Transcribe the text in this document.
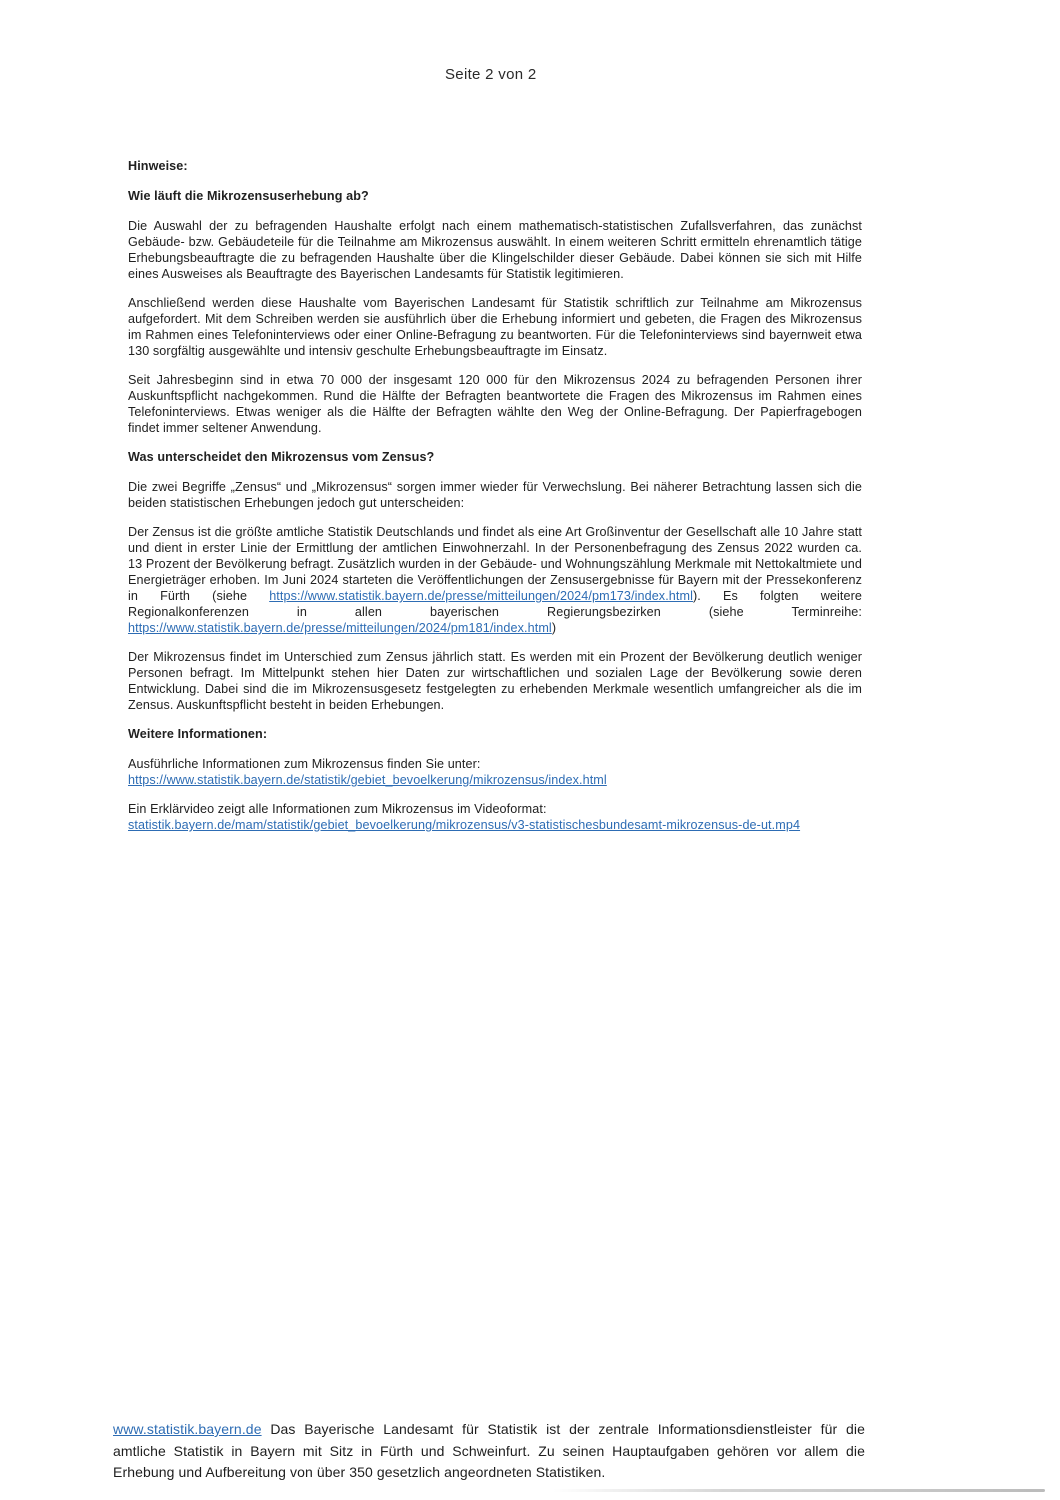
Seite 2 von 2
Hinweise:
Wie läuft die Mikrozensuserhebung ab?

Die Auswahl der zu befragenden Haushalte erfolgt nach einem mathematisch-statistischen Zufallsverfahren, das zunächst Gebäude- bzw. Gebäudeteile für die Teilnahme am Mikrozensus auswählt. In einem weiteren Schritt ermitteln ehrenamtlich tätige Erhebungsbeauftragte die zu befragenden Haushalte über die Klingelschilder dieser Gebäude. Dabei können sie sich mit Hilfe eines Ausweises als Beauftragte des Bayerischen Landesamts für Statistik legitimieren.

Anschließend werden diese Haushalte vom Bayerischen Landesamt für Statistik schriftlich zur Teilnahme am Mikrozensus aufgefordert. Mit dem Schreiben werden sie ausführlich über die Erhebung informiert und gebeten, die Fragen des Mikrozensus im Rahmen eines Telefoninterviews oder einer Online-Befragung zu beantworten. Für die Telefoninterviews sind bayernweit etwa 130 sorgfältig ausgewählte und intensiv geschulte Erhebungsbeauftragte im Einsatz.

Seit Jahresbeginn sind in etwa 70 000 der insgesamt 120 000 für den Mikrozensus 2024 zu befragenden Personen ihrer Auskunftspflicht nachgekommen. Rund die Hälfte der Befragten beantwortete die Fragen des Mikrozensus im Rahmen eines Telefoninterviews. Etwas weniger als die Hälfte der Befragten wählte den Weg der Online-Befragung. Der Papierfragebogen findet immer seltener Anwendung.

Was unterscheidet den Mikrozensus vom Zensus?

Die zwei Begriffe „Zensus“ und „Mikrozensus“ sorgen immer wieder für Verwechslung. Bei näherer Betrachtung lassen sich die beiden statistischen Erhebungen jedoch gut unterscheiden:

Der Zensus ist die größte amtliche Statistik Deutschlands und findet als eine Art Großinventur der Gesellschaft alle 10 Jahre statt und dient in erster Linie der Ermittlung der amtlichen Einwohnerzahl. In der Personenbefragung des Zensus 2022 wurden ca. 13 Prozent der Bevölkerung befragt. Zusätzlich wurden in der Gebäude- und Wohnungszählung Merkmale mit Nettokaltmiete und Energieträger erhoben. Im Juni 2024 starteten die Veröffentlichungen der Zensusergebnisse für Bayern mit der Pressekonferenz in Fürth (siehe https://www.statistik.bayern.de/presse/mitteilungen/2024/pm173/index.html). Es folgten weitere Regionalkonferenzen in allen bayerischen Regierungsbezirken (siehe Terminreihe: https://www.statistik.bayern.de/presse/mitteilungen/2024/pm181/index.html)

Der Mikrozensus findet im Unterschied zum Zensus jährlich statt. Es werden mit ein Prozent der Bevölkerung deutlich weniger Personen befragt. Im Mittelpunkt stehen hier Daten zur wirtschaftlichen und sozialen Lage der Bevölkerung sowie deren Entwicklung. Dabei sind die im Mikrozensusgesetz festgelegten zu erhebenden Merkmale wesentlich umfangreicher als die im Zensus. Auskunftspflicht besteht in beiden Erhebungen.

Weitere Informationen:

Ausführliche Informationen zum Mikrozensus finden Sie unter:
https://www.statistik.bayern.de/statistik/gebiet_bevoelkerung/mikrozensus/index.html

Ein Erklärvideo zeigt alle Informationen zum Mikrozensus im Videoformat:
statistik.bayern.de/mam/statistik/gebiet_bevoelkerung/mikrozensus/v3-statistischesbundesamt-mikrozensus-de-ut.mp4

www.statistik.bayern.de Das Bayerische Landesamt für Statistik ist der zentrale Informationsdienstleister für die amtliche Statistik in Bayern mit Sitz in Fürth und Schweinfurt. Zu seinen Hauptaufgaben gehören vor allem die Erhebung und Aufbereitung von über 350 gesetzlich angeordneten Statistiken.
